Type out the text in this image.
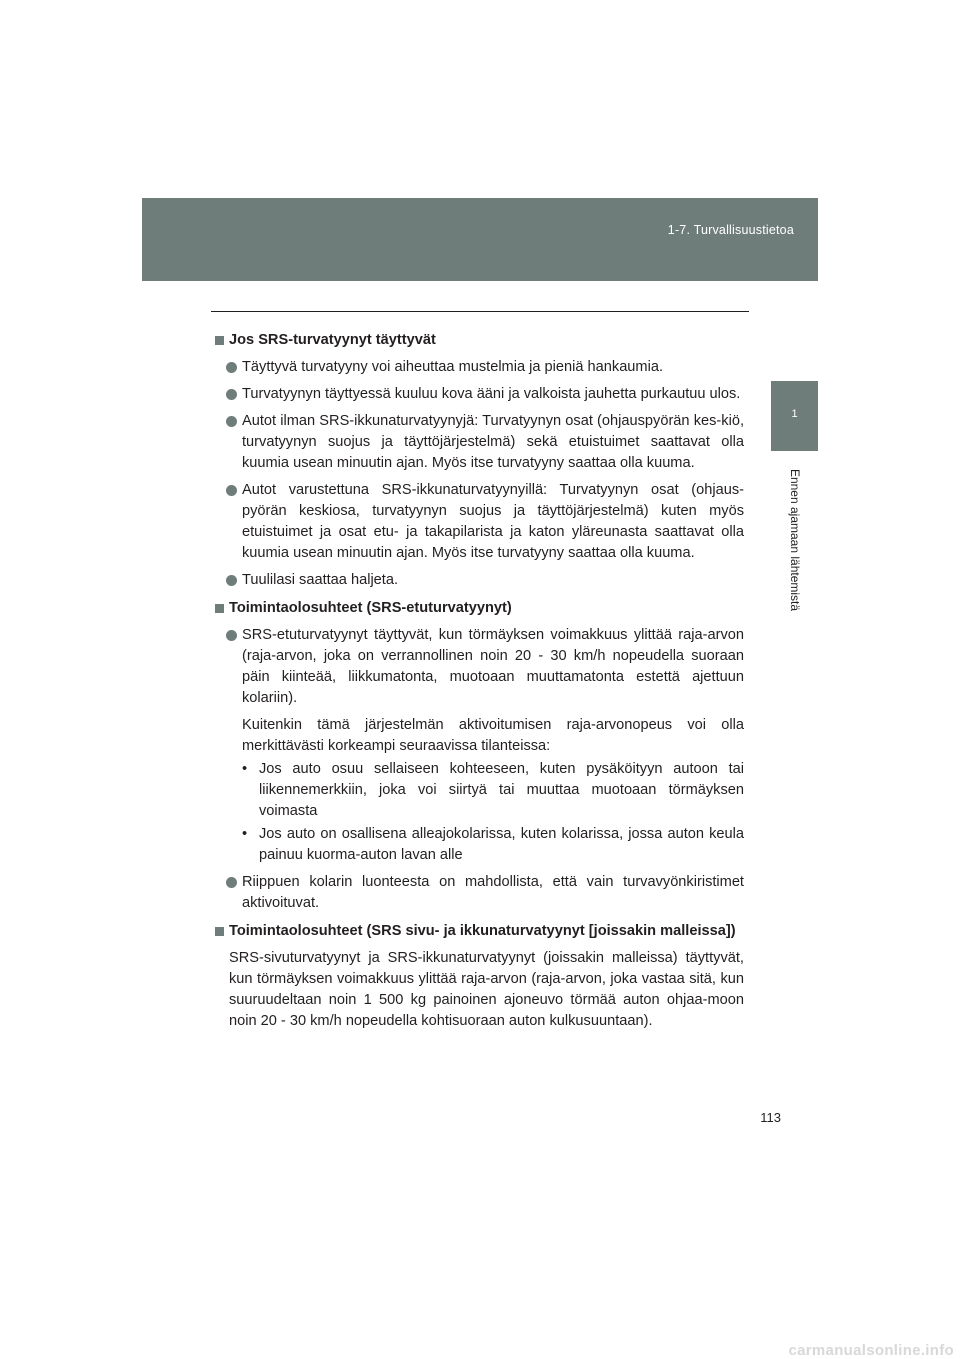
1-7. Turvallisuustietoa
1
Ennen ajamaan lähtemistä
Jos SRS-turvatyynyt täyttyvät
Täyttyvä turvatyyny voi aiheuttaa mustelmia ja pieniä hankaumia.
Turvatyynyn täyttyessä kuuluu kova ääni ja valkoista jauhetta purkautuu ulos.
Autot ilman SRS-ikkunaturvatyynyjä: Turvatyynyn osat (ohjauspyörän kes-kiö, turvatyynyn suojus ja täyttöjärjestelmä) sekä etuistuimet saattavat olla kuumia usean minuutin ajan. Myös itse turvatyyny saattaa olla kuuma.
Autot varustettuna SRS-ikkunaturvatyynyillä: Turvatyynyn osat (ohjaus-pyörän keskiosa, turvatyynyn suojus ja täyttöjärjestelmä) kuten myös etuistuimet ja osat etu- ja takapilarista ja katon yläreunasta saattavat olla kuumia usean minuutin ajan. Myös itse turvatyyny saattaa olla kuuma.
Tuulilasi saattaa haljeta.
Toimintaolosuhteet (SRS-etuturvatyynyt)
SRS-etuturvatyynyt täyttyvät, kun törmäyksen voimakkuus ylittää raja-arvon (raja-arvon, joka on verrannollinen noin 20 - 30 km/h nopeudella suoraan päin kiinteää, liikkumatonta, muotoaan muuttamatonta estettä ajettuun kolariin).
Kuitenkin tämä järjestelmän aktivoitumisen raja-arvonopeus voi olla merkittävästi korkeampi seuraavissa tilanteissa:
• Jos auto osuu sellaiseen kohteeseen, kuten pysäköityyn autoon tai liikennemerkkiin, joka voi siirtyä tai muuttaa muotoaan törmäyksen voimasta
• Jos auto on osallisena alleajokolarissa, kuten kolarissa, jossa auton keula painuu kuorma-auton lavan alle
Riippuen kolarin luonteesta on mahdollista, että vain turvavyönkiristimet aktivoituvat.
Toimintaolosuhteet (SRS sivu- ja ikkunaturvatyynyt [joissakin malleissa])
SRS-sivuturvatyynyt ja SRS-ikkunaturvatyynyt (joissakin malleissa) täyttyvät, kun törmäyksen voimakkuus ylittää raja-arvon (raja-arvon, joka vastaa sitä, kun suuruudeltaan noin 1 500 kg painoinen ajoneuvo törmää auton ohjaa-moon noin 20 - 30 km/h nopeudella kohtisuoraan auton kulkusuuntaan).
113
carmanualsonline.info
